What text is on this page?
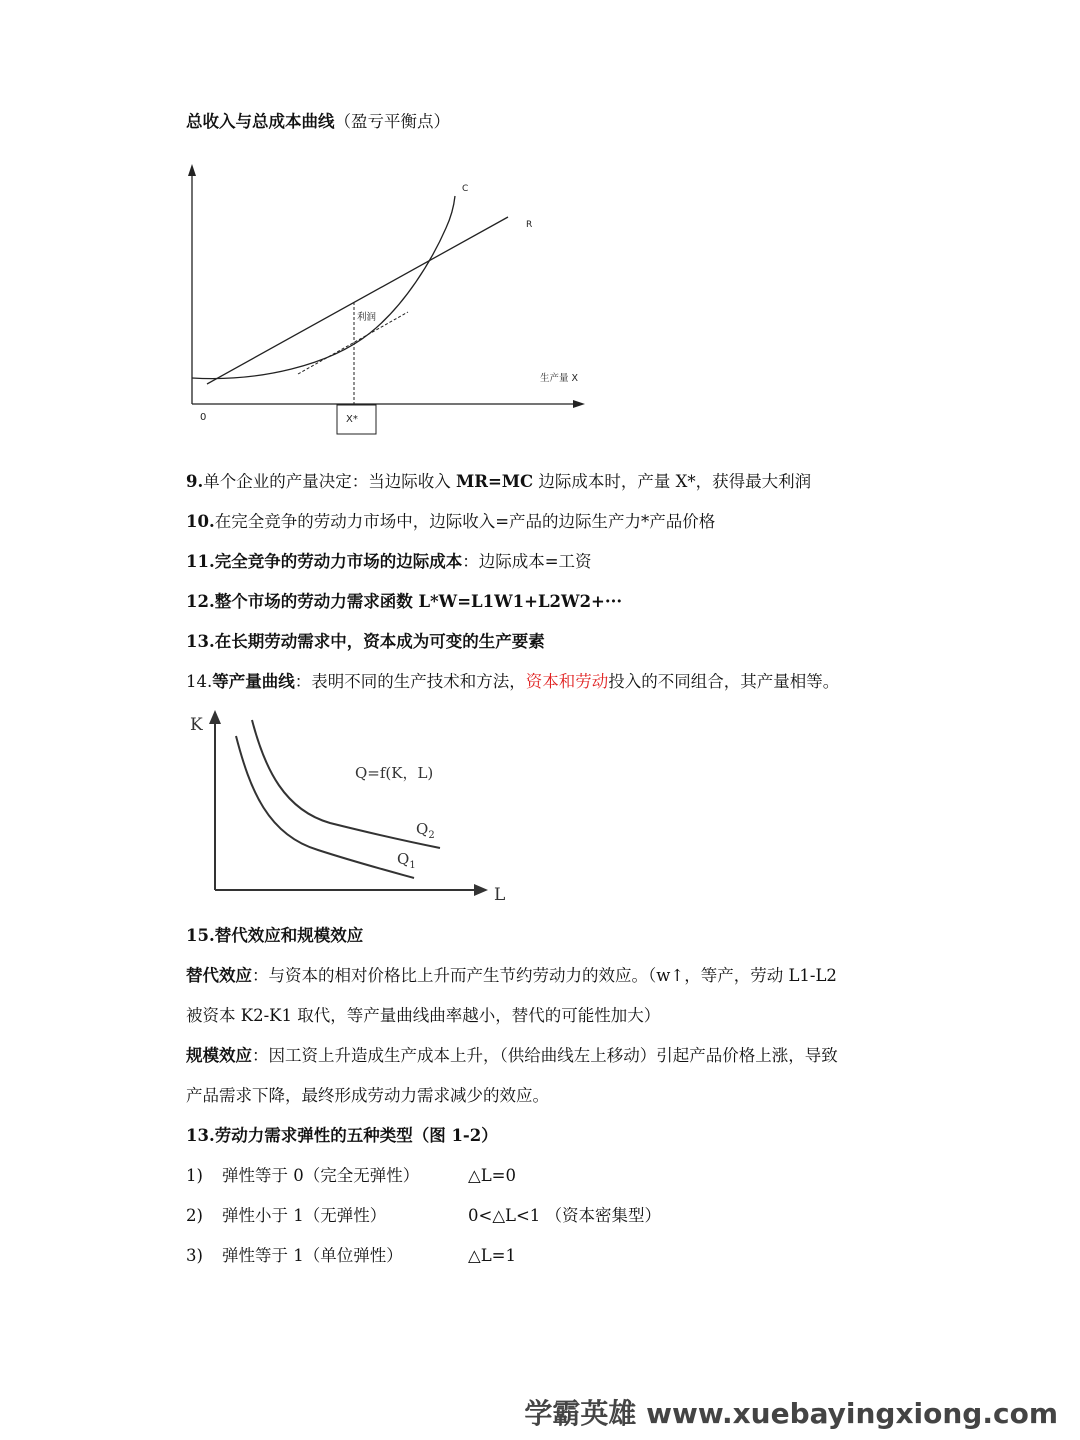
总收入与总成本曲线（盈亏平衡点）
X*
C
R
利润
生产量 X
0
9.单个企业的产量决定：当边际收入 MR=MC 边际成本时，产量 X*，获得最大利润
10.在完全竞争的劳动力市场中，边际收入=产品的边际生产力*产品价格
11.完全竞争的劳动力市场的边际成本：边际成本=工资
12.整个市场的劳动力需求函数 L*W=L1W1+L2W2+···
13.在长期劳动需求中，资本成为可变的生产要素
14.等产量曲线：表明不同的生产技术和方法，资本和劳动投入的不同组合，其产量相等。
K
L
Q=f(K，L)
$Q_2$
$Q_1$
15.替代效应和规模效应
替代效应：与资本的相对价格比上升而产生节约劳动力的效应。（w↑，等产，劳动 L1-L2
被资本 K2-K1 取代，等产量曲线曲率越小，替代的可能性加大）
规模效应：因工资上升造成生产成本上升，（供给曲线左上移动）引起产品价格上涨，导致
产品需求下降，最终形成劳动力需求减少的效应。
13.劳动力需求弹性的五种类型（图 1-2）
1) 弹性等于 0（完全无弹性）	△L=0
2) 弹性小于 1（无弹性）	0<△L<1 （资本密集型）
3) 弹性等于 1（单位弹性）	△L=1
学霸英雄 www.xuebayingxiong.com
